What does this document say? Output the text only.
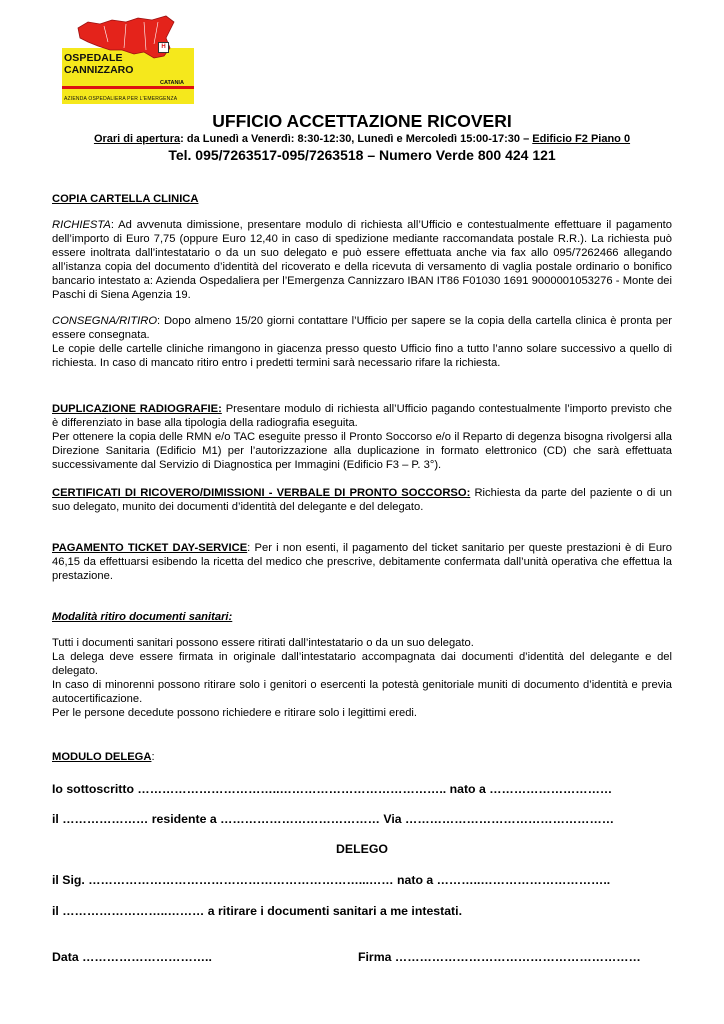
H
OSPEDALE
CANNIZZARO
CATANIA
AZIENDA OSPEDALIERA PER L'EMERGENZA
UFFICIO ACCETTAZIONE RICOVERI
Orari di apertura: da Lunedì a Venerdì: 8:30-12:30, Lunedì e Mercoledì 15:00-17:30 – Edificio F2 Piano 0
Tel. 095/7263517-095/7263518 – Numero Verde 800 424 121

COPIA CARTELLA CLINICA

RICHIESTA: Ad avvenuta dimissione, presentare modulo di richiesta all’Ufficio e contestualmente effettuare il pagamento dell’importo di Euro 7,75 (oppure Euro 12,40 in caso di spedizione mediante raccomandata postale R.R.). La richiesta può essere inoltrata dall’intestatario o da un suo delegato e può essere effettuata anche via fax allo 095/7262466 allegando all’istanza copia del documento d’identità del ricoverato e della ricevuta di versamento di vaglia postale ordinario o bonifico bancario intestato a: Azienda Ospedaliera per l’Emergenza Cannizzaro IBAN IT86 F01030 1691 9000001053276 - Monte dei Paschi di Siena Agenzia 19.

CONSEGNA/RITIRO: Dopo almeno 15/20 giorni contattare l’Ufficio per sapere se la copia della cartella clinica è pronta per essere consegnata.

Le copie delle cartelle cliniche rimangono in giacenza presso questo Ufficio fino a tutto l’anno solare successivo a quello di richiesta. In caso di mancato ritiro entro i predetti termini sarà necessario rifare la richiesta.

DUPLICAZIONE RADIOGRAFIE: Presentare modulo di richiesta all’Ufficio pagando contestualmente l’importo previsto che è differenziato in base alla tipologia della radiografia eseguita.

Per ottenere la copia delle RMN e/o TAC eseguite presso il Pronto Soccorso e/o il Reparto di degenza bisogna rivolgersi alla Direzione Sanitaria (Edificio M1) per l’autorizzazione alla duplicazione in formato elettronico (CD) che sarà effettuata successivamente dal Servizio di Diagnostica per Immagini (Edificio F3 – P. 3°).

CERTIFICATI DI RICOVERO/DIMISSIONI - VERBALE DI PRONTO SOCCORSO: Richiesta da parte del paziente o di un suo delegato, munito dei documenti d’identità del delegante e del delegato.

PAGAMENTO TICKET DAY-SERVICE: Per i non esenti, il pagamento del ticket sanitario per queste prestazioni è di Euro 46,15 da effettuarsi esibendo la ricetta del medico che prescrive, debitamente confermata dall’unità operativa che effettua la prestazione.

Modalità ritiro documenti sanitari:

Tutti i documenti sanitari possono essere ritirati dall’intestatario o da un suo delegato.

La delega deve essere firmata in originale dall’intestatario accompagnata dai documenti d’identità del delegante e del delegato.

In caso di minorenni possono ritirare solo i genitori o esercenti la potestà genitoriale muniti di documento d’identità e previa autocertificazione.

Per le persone decedute possono richiedere e ritirare solo i legittimi eredi.

MODULO DELEGA:

Io sottoscritto ……………………………..………………………………….. nato a …………………………
il ………………… residente a ………………………………… Via ……………………………………………
DELEGO
il Sig. …………………………………………………………...…… nato a ………..…………………………..
il ……………………..……… a ritirare i documenti sanitari a me intestati.
Data …………………………..	Firma ……………………………………………………
